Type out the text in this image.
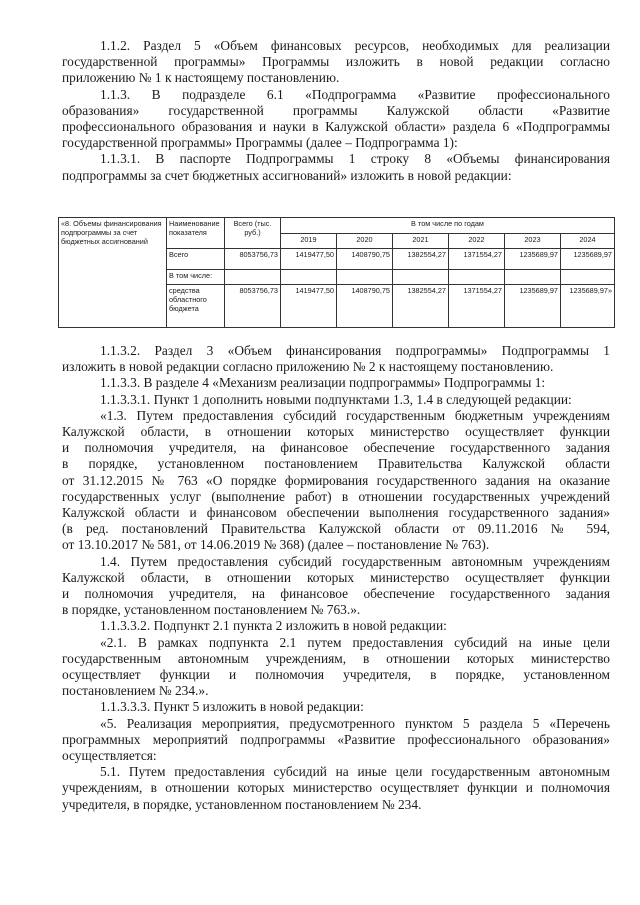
1.1.2. Раздел 5 «Объем финансовых ресурсов, необходимых для реализации
государственной программы» Программы изложить в новой редакции согласно
приложению № 1 к настоящему постановлению.
1.1.3. В подразделе 6.1 «Подпрограмма «Развитие профессионального
образования» государственной программы Калужской области «Развитие
профессионального образования и науки в Калужской области» раздела 6 «Подпрограммы
государственной программы» Программы (далее – Подпрограмма 1):
1.1.3.1. В паспорте Подпрограммы 1 строку 8 «Объемы финансирования
подпрограммы за счет бюджетных ассигнований» изложить в новой редакции:
«8. Объемы финансирования подпрограммы за счет бюджетных ассигнований	Наименование показателя	Всего (тыс. руб.)	В том числе по годам					
			2019	2020	2021	2022	2023	2024
	Всего	8053756,73	1419477,50	1408790,75	1382554,27	1371554,27	1235689,97	1235689,97
	В том числе:							
	средства областного бюджета	8053756,73	1419477,50	1408790,75	1382554,27	1371554,27	1235689,97	1235689,97»
1.1.3.2. Раздел 3 «Объем финансирования подпрограммы» Подпрограммы 1
изложить в новой редакции согласно приложению № 2 к настоящему постановлению.
1.1.3.3. В разделе 4 «Механизм реализации подпрограммы» Подпрограммы 1:
1.1.3.3.1. Пункт 1 дополнить новыми подпунктами 1.3, 1.4 в следующей редакции:
«1.3. Путем предоставления субсидий государственным бюджетным учреждениям
Калужской области, в отношении которых министерство осуществляет функции
и полномочия учредителя, на финансовое обеспечение государственного задания
в порядке, установленном постановлением Правительства Калужской области
от 31.12.2015 № 763 «О порядке формирования государственного задания на оказание
государственных услуг (выполнение работ) в отношении государственных учреждений
Калужской области и финансовом обеспечении выполнения государственного задания»
(в ред. постановлений Правительства Калужской области от 09.11.2016 № 594,
от 13.10.2017 № 581, от 14.06.2019 № 368) (далее – постановление № 763).
1.4. Путем предоставления субсидий государственным автономным учреждениям
Калужской области, в отношении которых министерство осуществляет функции
и полномочия учредителя, на финансовое обеспечение государственного задания
в порядке, установленном постановлением № 763.».
1.1.3.3.2. Подпункт 2.1 пункта 2 изложить в новой редакции:
«2.1. В рамках подпункта 2.1 путем предоставления субсидий на иные цели
государственным автономным учреждениям, в отношении которых министерство
осуществляет функции и полномочия учредителя, в порядке, установленном
постановлением № 234.».
1.1.3.3.3. Пункт 5 изложить в новой редакции:
«5. Реализация мероприятия, предусмотренного пунктом 5 раздела 5 «Перечень
программных мероприятий подпрограммы «Развитие профессионального образования»
осуществляется:
5.1. Путем предоставления субсидий на иные цели государственным автономным
учреждениям, в отношении которых министерство осуществляет функции и полномочия
учредителя, в порядке, установленном постановлением № 234.
